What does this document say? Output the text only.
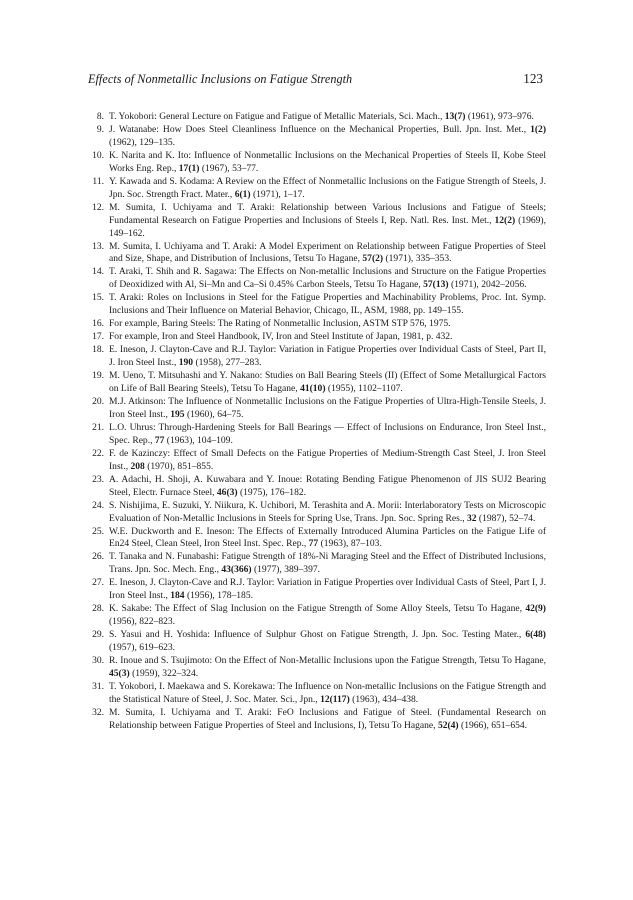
Effects of Nonmetallic Inclusions on Fatigue Strength	123
8. T. Yokobori: General Lecture on Fatigue and Fatigue of Metallic Materials, Sci. Mach., 13(7) (1961), 973–976.
9. J. Watanabe: How Does Steel Cleanliness Influence on the Mechanical Properties, Bull. Jpn. Inst. Met., 1(2) (1962), 129–135.
10. K. Narita and K. Ito: Influence of Nonmetallic Inclusions on the Mechanical Properties of Steels II, Kobe Steel Works Eng. Rep., 17(1) (1967), 53–77.
11. Y. Kawada and S. Kodama: A Review on the Effect of Nonmetallic Inclusions on the Fatigue Strength of Steels, J. Jpn. Soc. Strength Fract. Mater., 6(1) (1971), 1–17.
12. M. Sumita, I. Uchiyama and T. Araki: Relationship between Various Inclusions and Fatigue of Steels; Fundamental Research on Fatigue Properties and Inclusions of Steels I, Rep. Natl. Res. Inst. Met., 12(2) (1969), 149–162.
13. M. Sumita, I. Uchiyama and T. Araki: A Model Experiment on Relationship between Fatigue Properties of Steel and Size, Shape, and Distribution of Inclusions, Tetsu To Hagane, 57(2) (1971), 335–353.
14. T. Araki, T. Shih and R. Sagawa: The Effects on Non-metallic Inclusions and Structure on the Fatigue Properties of Deoxidized with Al, Si–Mn and Ca–Si 0.45% Carbon Steels, Tetsu To Hagane, 57(13) (1971), 2042–2056.
15. T. Araki: Roles on Inclusions in Steel for the Fatigue Properties and Machinability Problems, Proc. Int. Symp. Inclusions and Their Influence on Material Behavior, Chicago, IL, ASM, 1988, pp. 149–155.
16. For example, Baring Steels: The Rating of Nonmetallic Inclusion, ASTM STP 576, 1975.
17. For example, Iron and Steel Handbook, IV, Iron and Steel Institute of Japan, 1981, p. 432.
18. E. Ineson, J. Clayton-Cave and R.J. Taylor: Variation in Fatigue Properties over Individual Casts of Steel, Part II, J. Iron Steel Inst., 190 (1958), 277–283.
19. M. Ueno, T. Mitsuhashi and Y. Nakano: Studies on Ball Bearing Steels (II) (Effect of Some Metallurgical Factors on Life of Ball Bearing Steels), Tetsu To Hagane, 41(10) (1955), 1102–1107.
20. M.J. Atkinson: The Influence of Nonmetallic Inclusions on the Fatigue Properties of Ultra-High-Tensile Steels, J. Iron Steel Inst., 195 (1960), 64–75.
21. L.O. Uhrus: Through-Hardening Steels for Ball Bearings — Effect of Inclusions on Endurance, Iron Steel Inst., Spec. Rep., 77 (1963), 104–109.
22. F. de Kazinczy: Effect of Small Defects on the Fatigue Properties of Medium-Strength Cast Steel, J. Iron Steel Inst., 208 (1970), 851–855.
23. A. Adachi, H. Shoji, A. Kuwabara and Y. Inoue: Rotating Bending Fatigue Phenomenon of JIS SUJ2 Bearing Steel, Electr. Furnace Steel, 46(3) (1975), 176–182.
24. S. Nishijima, E. Suzuki, Y. Niikura, K. Uchibori, M. Terashita and A. Morii: Interlaboratory Tests on Microscopic Evaluation of Non-Metallic Inclusions in Steels for Spring Use, Trans. Jpn. Soc. Spring Res., 32 (1987), 52–74.
25. W.E. Duckworth and E. Ineson: The Effects of Externally Introduced Alumina Particles on the Fatigue Life of En24 Steel, Clean Steel, Iron Steel Inst. Spec. Rep., 77 (1963), 87–103.
26. T. Tanaka and N. Funabashi: Fatigue Strength of 18%-Ni Maraging Steel and the Effect of Distributed Inclusions, Trans. Jpn. Soc. Mech. Eng., 43(366) (1977), 389–397.
27. E. Ineson, J. Clayton-Cave and R.J. Taylor: Variation in Fatigue Properties over Individual Casts of Steel, Part I, J. Iron Steel Inst., 184 (1956), 178–185.
28. K. Sakabe: The Effect of Slag Inclusion on the Fatigue Strength of Some Alloy Steels, Tetsu To Hagane, 42(9) (1956), 822–823.
29. S. Yasui and H. Yoshida: Influence of Sulphur Ghost on Fatigue Strength, J. Jpn. Soc. Testing Mater., 6(48) (1957), 619–623.
30. R. Inoue and S. Tsujimoto: On the Effect of Non-Metallic Inclusions upon the Fatigue Strength, Tetsu To Hagane, 45(3) (1959), 322–324.
31. T. Yokobori, I. Maekawa and S. Korekawa: The Influence on Non-metallic Inclusions on the Fatigue Strength and the Statistical Nature of Steel, J. Soc. Mater. Sci., Jpn., 12(117) (1963), 434–438.
32. M. Sumita, I. Uchiyama and T. Araki: FeO Inclusions and Fatigue of Steel. (Fundamental Research on Relationship between Fatigue Properties of Steel and Inclusions, I), Tetsu To Hagane, 52(4) (1966), 651–654.
